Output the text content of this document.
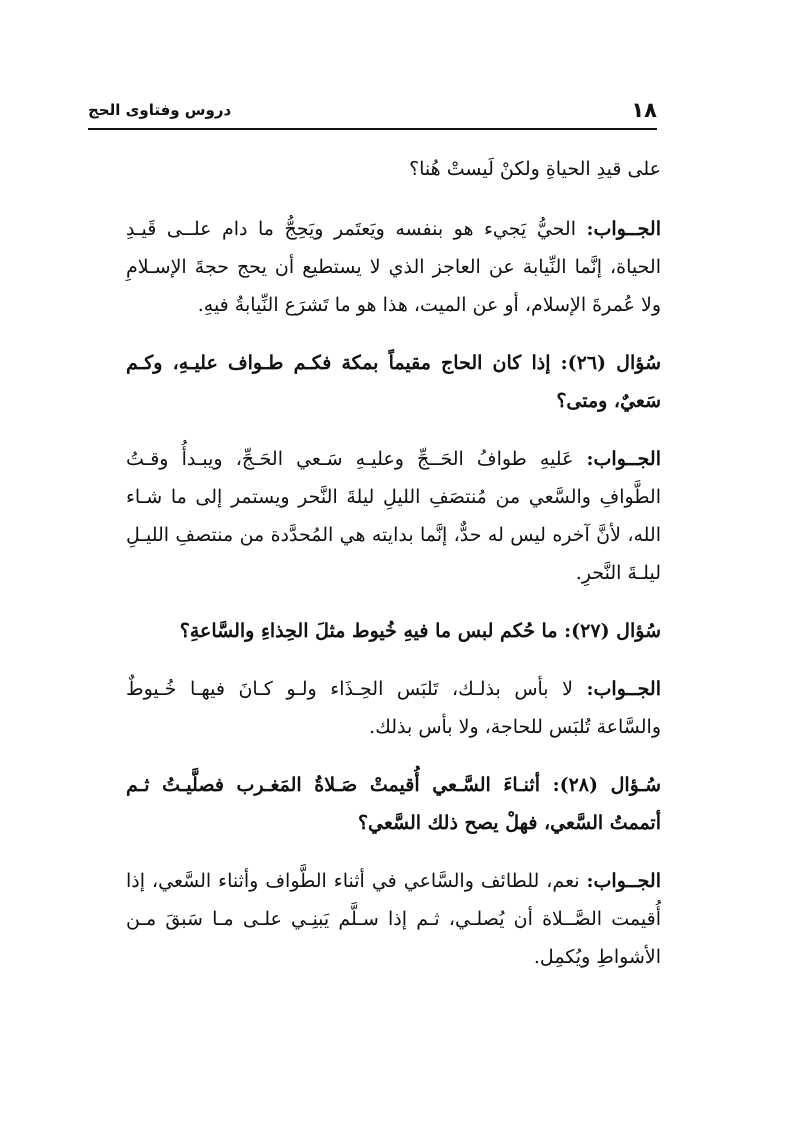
١٨
دروس وفتاوى الحج

على قيدِ الحياةِ ولكنْ لَيستْ هُنا؟

الجــواب: الحيُّ يَجيء هو بنفسه ويَعتَمر ويَحِجُّ ما دام علــى قَيـدِ الحياة، إنَّما النِّيابة عن العاجز الذي لا يستطيع أن يحج حجةَ الإسـلامِ ولا عُمرةَ الإسلام، أو عن الميت، هذا هو ما تَشرَع النِّيابةُ فيهِ.

سُؤال (٢٦): إذا كان الحاج مقيماً بمكة فكـم طـواف عليـهِ، وكـم سَعيٌ، ومتى؟

الجــواب: عَليهِ طوافُ الحَــجِّ وعليـهِ سَـعي الحَـجِّ، ويبـدأُ وقـتُ الطَّوافِ والسَّعي من مُنتصَفِ الليلِ ليلةَ النَّحر ويستمر إلى ما شـاء الله، لأنَّ آخره ليس له حدٌّ، إنَّما بدايته هي المُحدَّدة من منتصفِ الليـلِ ليلـةَ النَّحرِ.

سُؤال (٢٧): ما حُكم لبس ما فيهِ خُيوط مثلَ الحِذاءِ والسَّاعةِ؟

الجــواب: لا بأس بذلـك، تَلبَس الحِـذَاء ولـو كـانَ فيهـا خُـيوطٌ والسَّاعة تُلبَس للحاجة، ولا بأس بذلك.

سُـؤال (٢٨): أثنـاءَ السَّـعي أُقيمتْ صَـلاةُ المَغـرب فصلَّيـتُ ثـم أتممتُ السَّعي، فهلْ يصح ذلك السَّعي؟

الجــواب: نعم، للطائف والسَّاعي في أثناء الطَّواف وأثناء السَّعي، إذا أُقيمت الصَّــلاة أن يُصلـي، ثـم إذا سـلَّم يَبنِـي علـى مـا سَبقَ مـن الأشواطِ ويُكمِل.
